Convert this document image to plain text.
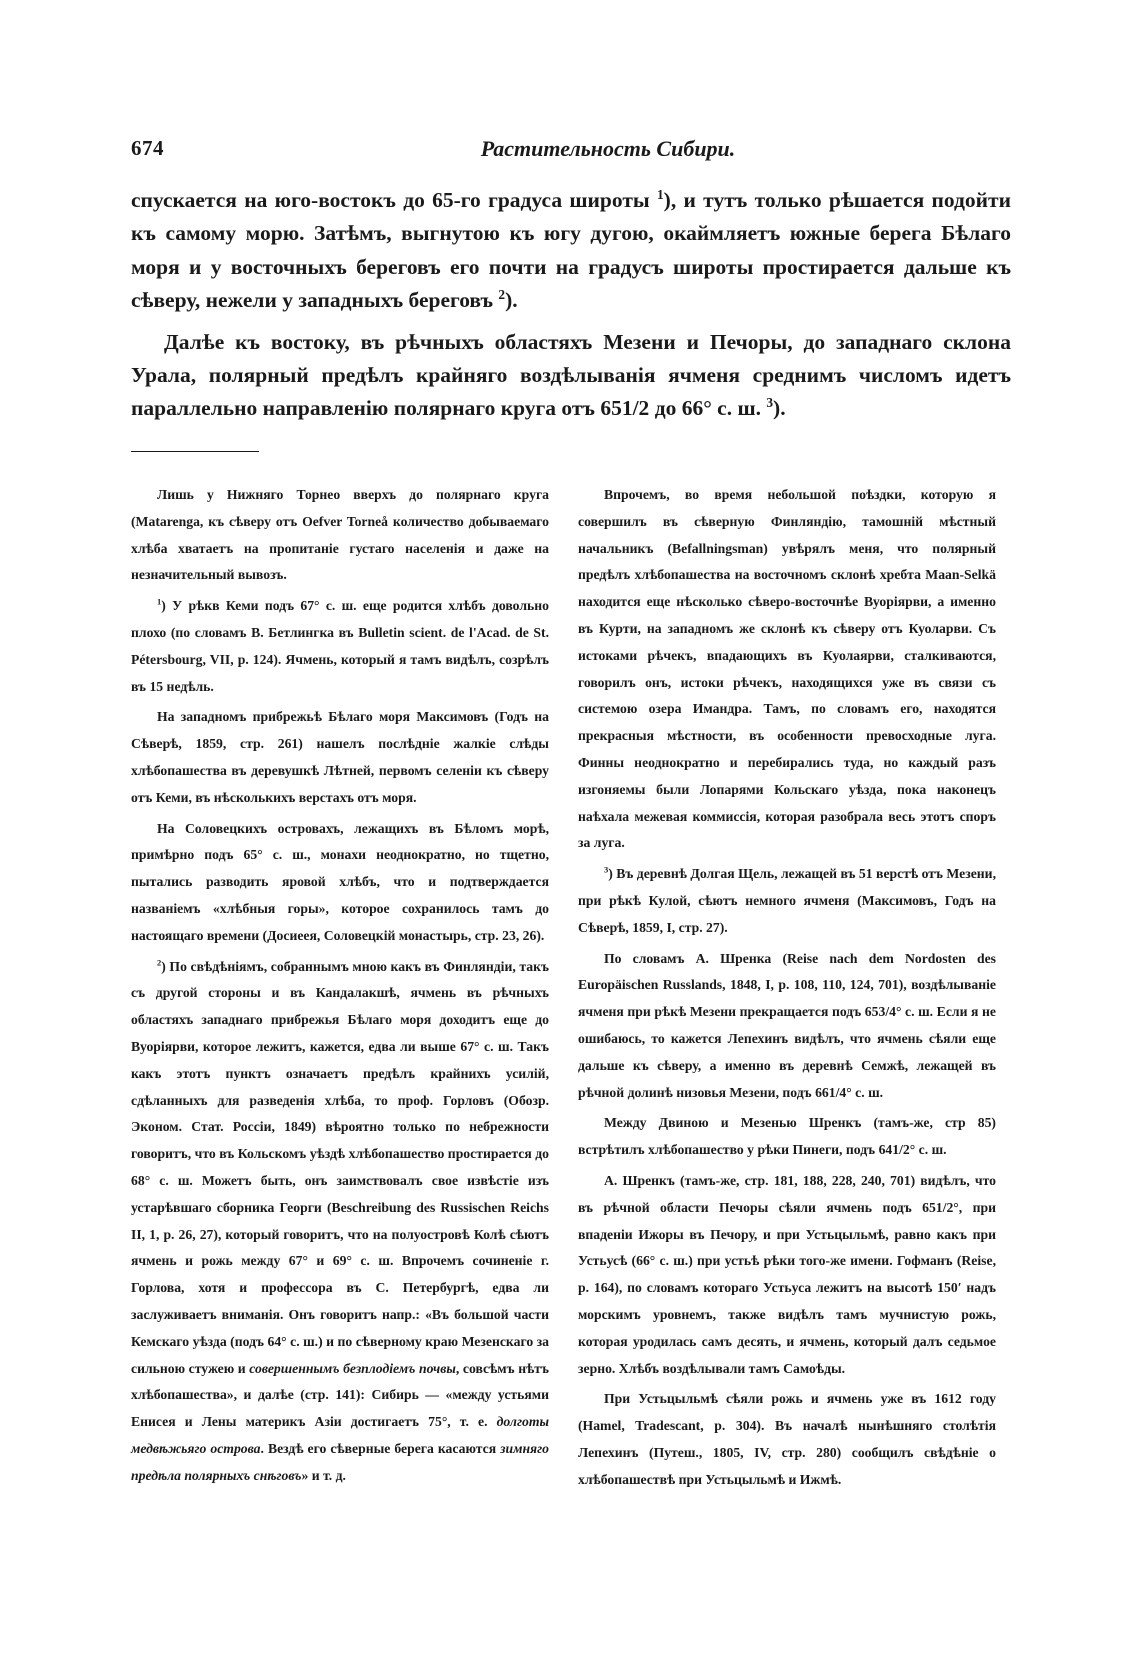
674	Растительность Сибири.

спускается на юго-востокъ до 65-го градуса широты $^1$), и тутъ только рѣшается подойти къ самому морю. Затѣмъ, выгнутою къ югу дугою, окаймляетъ южные берега Бѣлаго моря и у восточныхъ береговъ его почти на градусъ широты простирается дальше къ сѣверу, нежели у западныхъ береговъ $^2$).

Далѣе къ востоку, въ рѣчныхъ областяхъ Мезени и Печоры, до западнаго склона Урала, полярный предѣлъ крайняго воздѣлыванія ячменя среднимъ числомъ идетъ параллельно направленію полярнаго круга отъ 651/2 до 66° с. ш. $^3$).

Лишь у Нижняго Торнео вверхъ до полярнаго круга (Matarenga, къ сѣверу отъ Oefver Torneå количество добываемаго хлѣба хватаетъ на пропитаніе густаго населенія и даже на незначительный вывозъ.

$^1$) У рѣкв Кеми подъ 67° с. ш. еще родится хлѣбъ довольно плохо (по словамъ В. Бетлингка въ Bulletin scient. de l'Acad. de St. Pétersbourg, VII, p. 124). Ячмень, который я тамъ видѣлъ, созрѣлъ въ 15 недѣль.

На западномъ прибрежьѣ Бѣлаго моря Максимовъ (Годъ на Сѣверѣ, 1859, стр. 261) нашелъ послѣдніе жалкіе слѣды хлѣбопашества въ деревушкѣ Лѣтней, первомъ селеніи къ сѣверу отъ Кеми, въ нѣсколькихъ верстахъ отъ моря.

На Соловецкихъ островахъ, лежащихъ въ Бѣломъ морѣ, примѣрно подъ 65° с. ш., монахи неоднократно, но тщетно, пытались разводить яровой хлѣбъ, что и подтверждается названіемъ «хлѣбныя горы», которое сохранилось тамъ до настоящаго времени (Досиеея, Соловецкій монастырь, стр. 23, 26).

$^2$) По свѣдѣніямъ, собраннымъ мною какъ въ Финляндіи, такъ съ другой стороны и въ Кандалакшѣ, ячмень въ рѣчныхъ областяхъ западнаго прибрежья Бѣлаго моря доходитъ еще до Вуоріярви, которое лежитъ, кажется, едва ли выше 67° с. ш. Такъ какъ этотъ пунктъ означаетъ предѣлъ крайнихъ усилій, сдѣланныхъ для разведенія хлѣба, то проф. Горловъ (Обозр. Эконом. Стат. Россіи, 1849) вѣроятно только по небрежности говоритъ, что въ Кольскомъ уѣздѣ хлѣбопашество простирается до 68° с. ш. Можетъ быть, онъ заимствовалъ свое извѣстіе изъ устарѣвшаго сборника Георги (Beschreibung des Russischen Reichs II, 1, p. 26, 27), который говоритъ, что на полуостровѣ Колѣ сѣютъ ячмень и рожь между 67° и 69° с. ш. Впрочемъ сочиненіе г. Горлова, хотя и профессора въ С. Петербургѣ, едва ли заслуживаетъ вниманія. Онъ говоритъ напр.: «Въ большой части Кемскаго уѣзда (подъ 64° с. ш.) и по сѣверному краю Мезенскаго за сильною стужею и совершеннымъ безплодіемъ почвы, совсѣмъ нѣтъ хлѣбопашества», и далѣе (стр. 141): Сибирь — «между устьями Енисея и Лены материкъ Азіи достигаетъ 75°, т. е. долготы медвѣжьяго острова. Вездѣ его сѣверные берега касаются зимняго предѣла полярныхъ снѣговъ» и т. д.

Впрочемъ, во время небольшой поѣздки, которую я совершилъ въ сѣверную Финляндію, тамошній мѣстный начальникъ (Befallningsman) увѣрялъ меня, что полярный предѣлъ хлѣбопашества на восточномъ склонѣ хребта Maan-Selkä находится еще нѣсколько сѣверо-восточнѣе Вуоріярви, а именно въ Курти, на западномъ же склонѣ къ сѣверу отъ Куоларви. Съ истоками рѣчекъ, впадающихъ въ Куолаярви, сталкиваются, говорилъ онъ, истоки рѣчекъ, находящихся уже въ связи съ системою озера Имандра. Тамъ, по словамъ его, находятся прекрасныя мѣстности, въ особенности превосходные луга. Финны неоднократно и перебирались туда, но каждый разъ изгоняемы были Лопарями Кольскаго уѣзда, пока наконецъ наѣхала межевая коммиссія, которая разобрала весь этотъ споръ за луга.

$^3$) Въ деревнѣ Долгая Щель, лежащей въ 51 верстѣ отъ Мезени, при рѣкѣ Кулой, сѣютъ немного ячменя (Максимовъ, Годъ на Сѣверѣ, 1859, I, стр. 27).

По словамъ А. Шренка (Reise nach dem Nordosten des Europäischen Russlands, 1848, I, p. 108, 110, 124, 701), воздѣлываніе ячменя при рѣкѣ Мезени прекращается подъ 653/4° с. ш. Если я не ошибаюсь, то кажется Лепехинъ видѣлъ, что ячмень сѣяли еще дальше къ сѣверу, а именно въ деревнѣ Семжѣ, лежащей въ рѣчной долинѣ низовья Мезени, подъ 661/4° с. ш.

Между Двиною и Мезенью Шренкъ (тамъ-же, стр 85) встрѣтилъ хлѣбопашество у рѣки Пинеги, подъ 641/2° с. ш.

А. Шренкъ (тамъ-же, стр. 181, 188, 228, 240, 701) видѣлъ, что въ рѣчной области Печоры сѣяли ячмень подъ 651/2°, при впаденіи Ижоры въ Печору, и при Устьцыльмѣ, равно какъ при Устьусѣ (66° с. ш.) при устьѣ рѣки того-же имени. Гофманъ (Reise, p. 164), по словамъ котораго Устьуса лежитъ на высотѣ 150′ надъ морскимъ уровнемъ, также видѣлъ тамъ мучнистую рожь, которая уродилась самъ десять, и ячмень, который далъ седьмое зерно. Хлѣбъ воздѣлывали тамъ Самоѣды.

При Устьцыльмѣ сѣяли рожь и ячмень уже въ 1612 году (Hamel, Tradescant, p. 304). Въ началѣ нынѣшняго столѣтія Лепехинъ (Путеш., 1805, IV, стр. 280) сообщилъ свѣдѣніе о хлѣбопашествѣ при Устьцыльмѣ и Ижмѣ.
